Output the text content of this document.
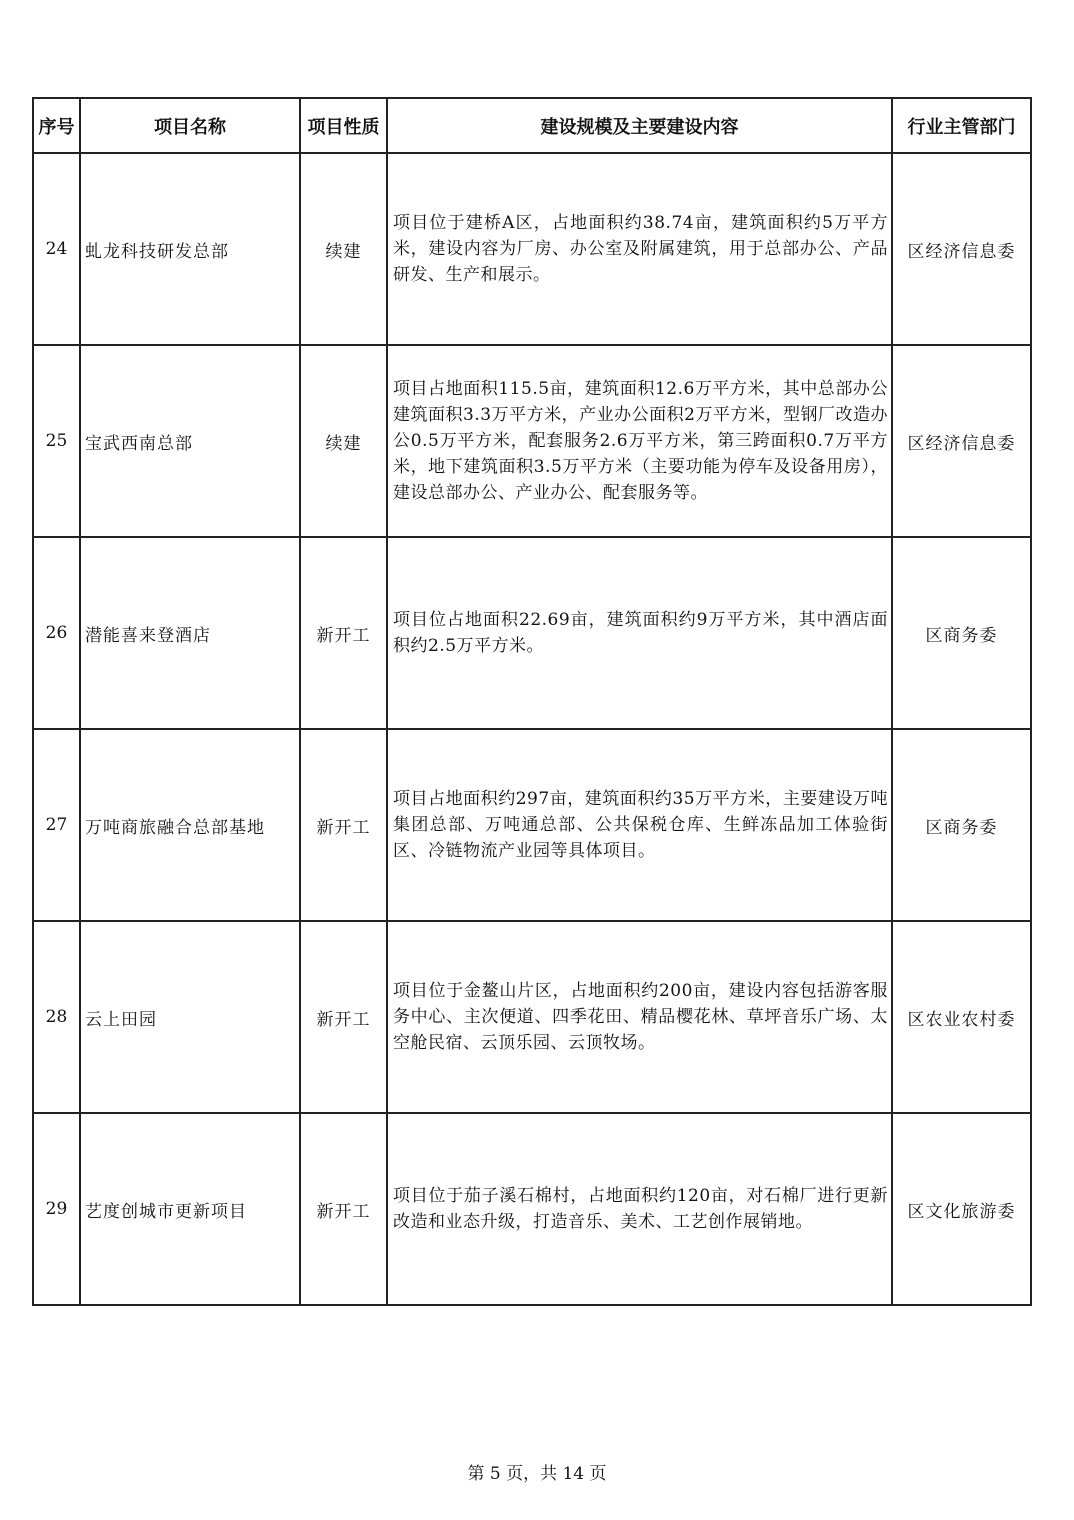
序号	项目名称	项目性质	建设规模及主要建设内容	行业主管部门
24	虬龙科技研发总部	续建	项目位于建桥A区，占地面积约38.74亩，建筑面积约5万平方米，建设内容为厂房、办公室及附属建筑，用于总部办公、产品研发、生产和展示。	区经济信息委
25	宝武西南总部	续建	项目占地面积115.5亩，建筑面积12.6万平方米，其中总部办公建筑面积3.3万平方米，产业办公面积2万平方米，型钢厂改造办公0.5万平方米，配套服务2.6万平方米，第三跨面积0.7万平方米，地下建筑面积3.5万平方米（主要功能为停车及设备用房），建设总部办公、产业办公、配套服务等。	区经济信息委
26	潜能喜来登酒店	新开工	项目位占地面积22.69亩，建筑面积约9万平方米，其中酒店面积约2.5万平方米。	区商务委
27	万吨商旅融合总部基地	新开工	项目占地面积约297亩，建筑面积约35万平方米，主要建设万吨集团总部、万吨通总部、公共保税仓库、生鲜冻品加工体验街区、冷链物流产业园等具体项目。	区商务委
28	云上田园	新开工	项目位于金鳌山片区，占地面积约200亩，建设内容包括游客服务中心、主次便道、四季花田、精品樱花林、草坪音乐广场、太空舱民宿、云顶乐园、云顶牧场。	区农业农村委
29	艺度创城市更新项目	新开工	项目位于茄子溪石棉村，占地面积约120亩，对石棉厂进行更新改造和业态升级，打造音乐、美术、工艺创作展销地。	区文化旅游委
第 5 页，共 14 页
